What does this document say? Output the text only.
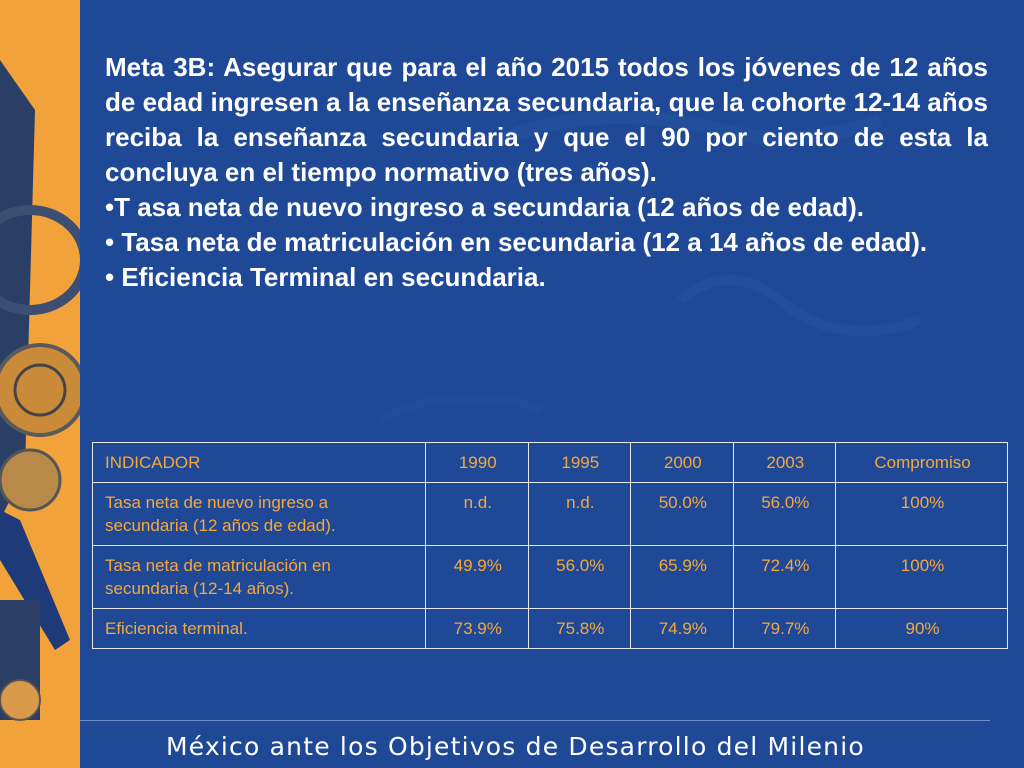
Meta 3B: Asegurar que para el año 2015 todos los jóvenes de 12 años de edad ingresen a la enseñanza secundaria, que la cohorte 12-14 años reciba la enseñanza secundaria y que el 90 por ciento de esta la concluya en el tiempo normativo (tres años).

•T asa neta de nuevo ingreso a secundaria (12 años de edad).

• Tasa neta de matriculación en secundaria (12 a 14 años de edad).

• Eficiencia Terminal en secundaria.

INDICADOR	1990	1995	2000	2003	Compromiso
Tasa neta de nuevo ingreso a secundaria (12 años de edad).	n.d.	n.d.	50.0%	56.0%	100%
Tasa neta de matriculación en secundaria (12-14 años).	49.9%	56.0%	65.9%	72.4%	100%
Eficiencia terminal.	73.9%	75.8%	74.9%	79.7%	90%
México ante los Objetivos de Desarrollo del Milenio
